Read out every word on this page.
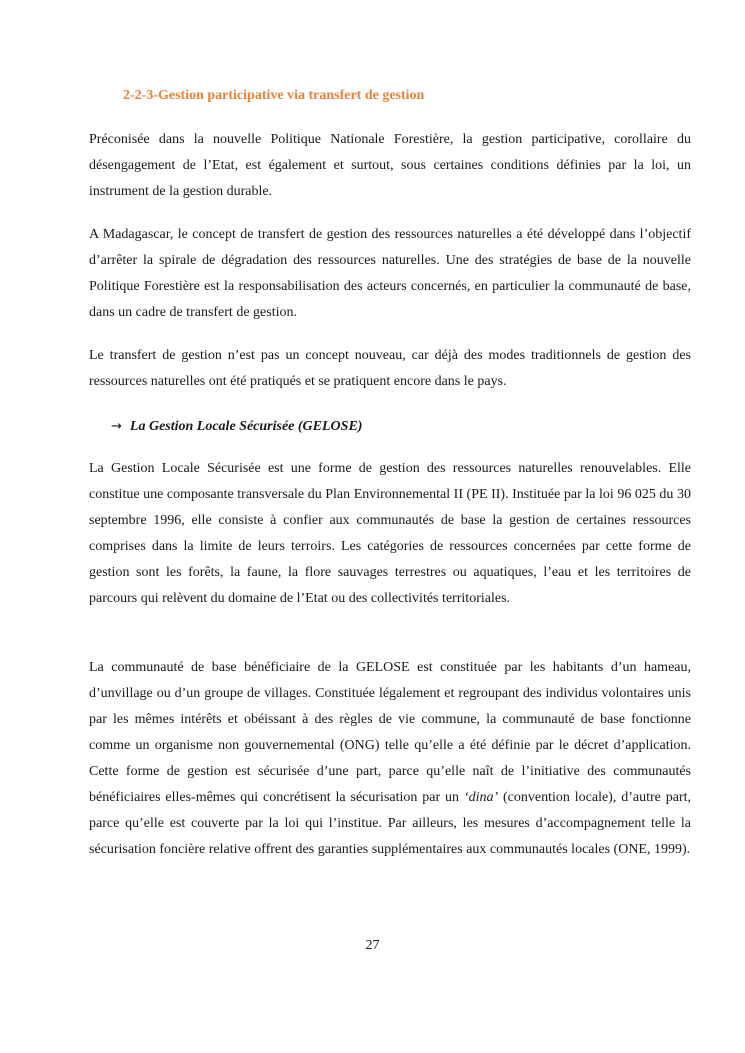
2-2-3-Gestion participative via transfert de gestion

Préconisée dans la nouvelle Politique Nationale Forestière, la gestion participative, corollaire du désengagement de l’Etat, est également et surtout, sous certaines conditions définies par la loi, un instrument de la gestion durable.

A Madagascar, le concept de transfert de gestion des ressources naturelles a été développé dans l’objectif d’arrêter la spirale de dégradation des ressources naturelles. Une des stratégies de base de la nouvelle Politique Forestière est la responsabilisation des acteurs concernés, en particulier la communauté de base, dans un cadre de transfert de gestion.

Le transfert de gestion n’est pas un concept nouveau, car déjà des modes traditionnels de gestion des ressources naturelles ont été pratiqués et se pratiquent encore dans le pays.

→ La Gestion Locale Sécurisée (GELOSE)

La Gestion Locale Sécurisée est une forme de gestion des ressources naturelles renouvelables. Elle constitue une composante transversale du Plan Environnemental II (PE II). Instituée par la loi 96 025 du 30 septembre 1996, elle consiste à confier aux communautés de base la gestion de certaines ressources comprises dans la limite de leurs terroirs. Les catégories de ressources concernées par cette forme de gestion sont les forêts, la faune, la flore sauvages terrestres ou aquatiques, l’eau et les territoires de parcours qui relèvent du domaine de l’Etat ou des collectivités territoriales.

La communauté de base bénéficiaire de la GELOSE est constituée par les habitants d’un hameau, d’unvillage ou d’un groupe de villages. Constituée légalement et regroupant des individus volontaires unis par les mêmes intérêts et obéissant à des règles de vie commune, la communauté de base fonctionne comme un organisme non gouvernemental (ONG) telle qu’elle a été définie par le décret d’application. Cette forme de gestion est sécurisée d’une part, parce qu’elle naît de l’initiative des communautés bénéficiaires elles-mêmes qui concrétisent la sécurisation par un ‘dina’ (convention locale), d’autre part, parce qu’elle est couverte par la loi qui l’institue. Par ailleurs, les mesures d’accompagnement telle la sécurisation foncière relative offrent des garanties supplémentaires aux communautés locales (ONE, 1999).

27
